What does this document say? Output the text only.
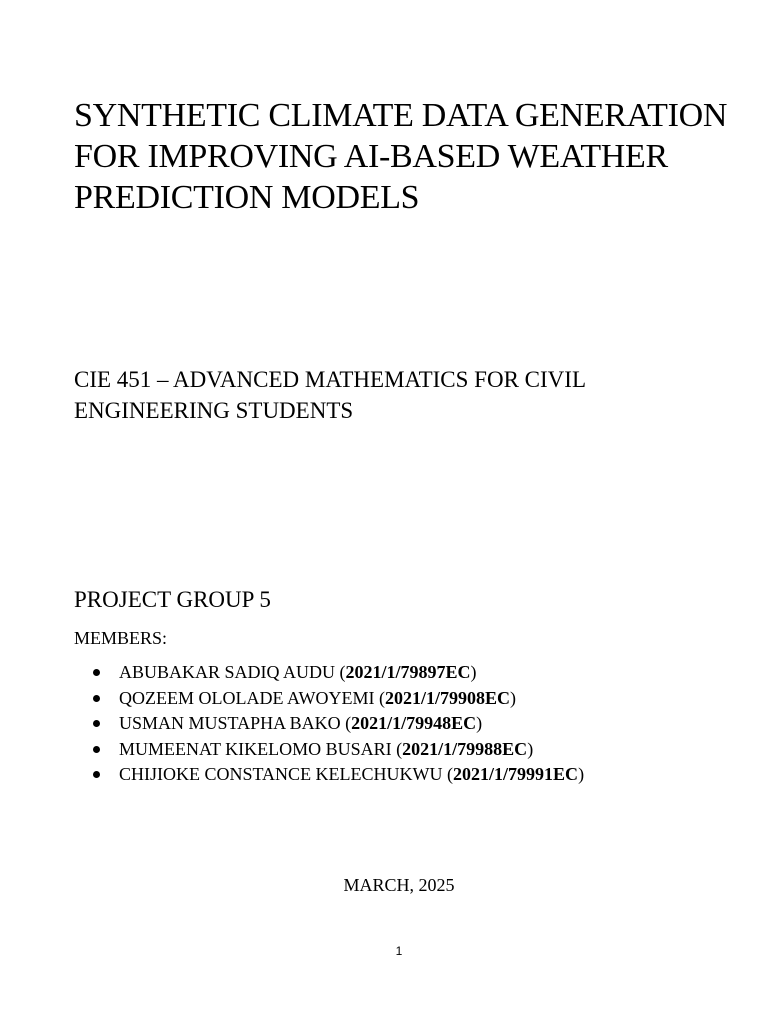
SYNTHETIC CLIMATE DATA GENERATION FOR IMPROVING AI-BASED WEATHER PREDICTION MODELS
CIE 451 – ADVANCED MATHEMATICS FOR CIVIL ENGINEERING STUDENTS
PROJECT GROUP 5

MEMBERS:

ABUBAKAR SADIQ AUDU (2021/1/79897EC)
QOZEEM OLOLADE AWOYEMI (2021/1/79908EC)
USMAN MUSTAPHA BAKO (2021/1/79948EC)
MUMEENAT KIKELOMO BUSARI (2021/1/79988EC)
CHIJIOKE CONSTANCE KELECHUKWU (2021/1/79991EC)

MARCH, 2025

1
